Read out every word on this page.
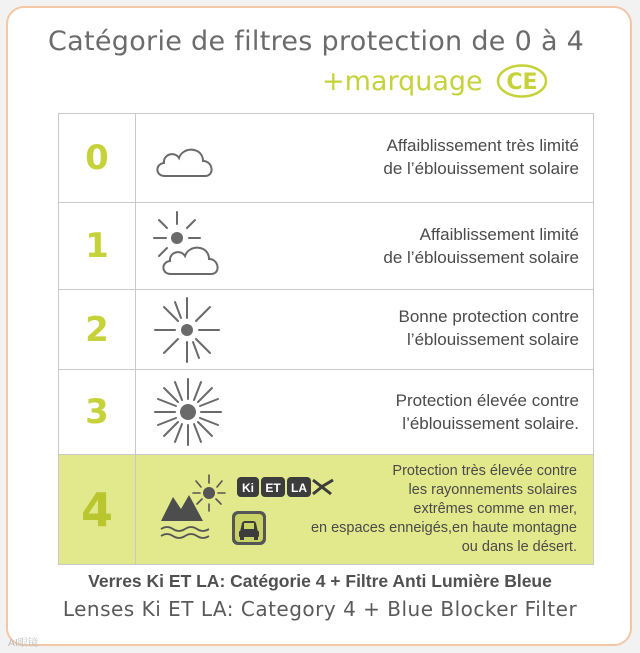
Catégorie de filtres protection de 0 à 4
+marquage CE
0	Affaiblissement très limité
de l’éblouissement solaire
1	Affaiblissement limité
de l’éblouissement solaire
2	Bonne protection contre
l’éblouissement solaire
3	Protection élevée contre
l’éblouissement solaire.
4	Ki ET LA
Protection très élevée contre
les rayonnements solaires
extrêmes comme en mer,
en espaces enneigés,en haute montagne
ou dans le désert.
Verres Ki ET LA: Catégorie 4 + Filtre Anti Lumière Bleue
Lenses Ki ET LA: Category 4 + Blue Blocker Filter
AI眼镜
